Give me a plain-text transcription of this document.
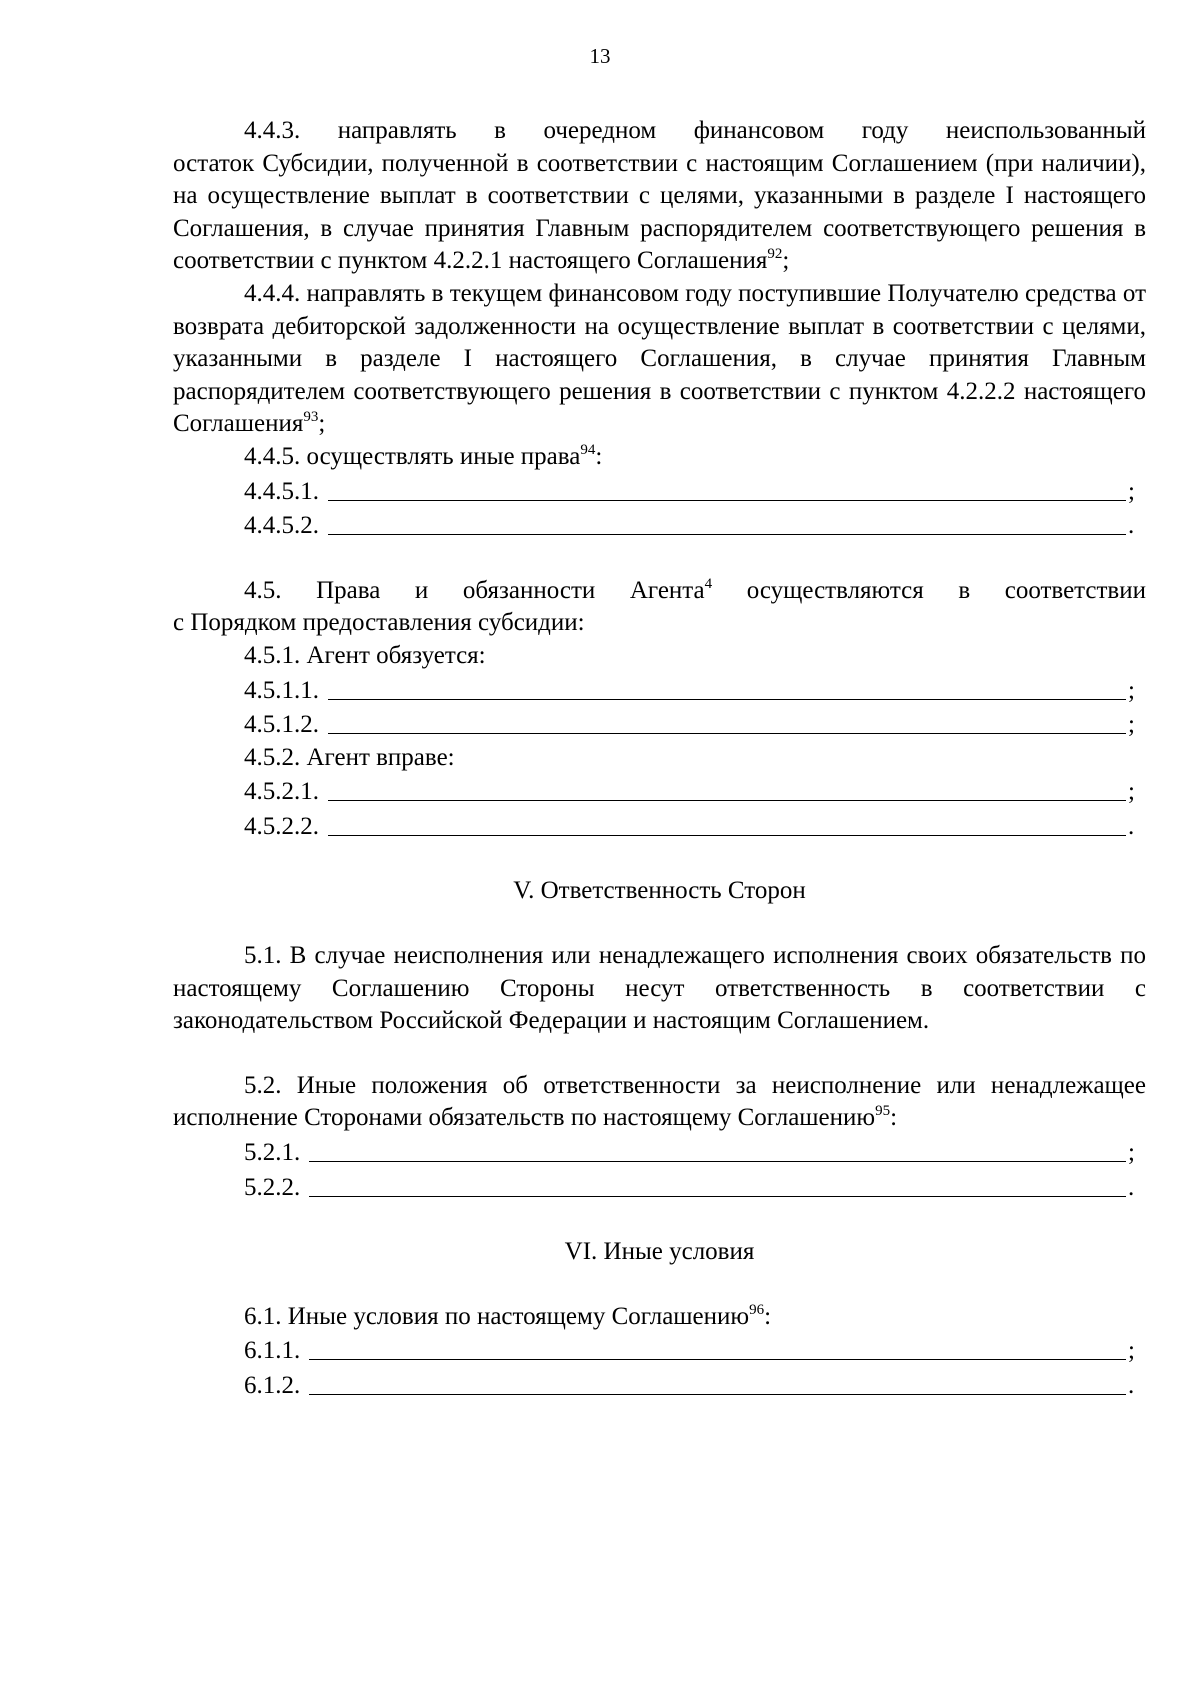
13

4.4.3. направлять в очередном финансовом году неиспользованный

остаток Субсидии, полученной в соответствии с настоящим Соглашением (при наличии), на осуществление выплат в соответствии с целями, указанными в разделе I настоящего Соглашения, в случае принятия Главным распорядителем соответствующего решения в соответствии с пунктом 4.2.2.1 настоящего Соглашения$^{92}$;

4.4.4. направлять в текущем финансовом году поступившие Получателю средства от возврата дебиторской задолженности на осуществление выплат в соответствии с целями, указанными в разделе I настоящего Соглашения, в случае принятия Главным распорядителем соответствующего решения в соответствии с пунктом 4.2.2.2 настоящего Соглашения$^{93}$;

4.4.5. осуществлять иные права$^{94}$:

4.4.5.1.	;
4.4.5.2.	.

4.5. Права и обязанности Агента$^4$ осуществляются в соответствии

с Порядком предоставления субсидии:

4.5.1. Агент обязуется:

4.5.1.1.	;
4.5.1.2.	;

4.5.2. Агент вправе:

4.5.2.1.	;
4.5.2.2.	.

V. Ответственность Сторон

5.1. В случае неисполнения или ненадлежащего исполнения своих обязательств по настоящему Соглашению Стороны несут ответственность в соответствии с законодательством Российской Федерации и настоящим Соглашением.

5.2. Иные положения об ответственности за неисполнение или ненадлежащее исполнение Сторонами обязательств по настоящему Соглашению$^{95}$:

5.2.1.	;
5.2.2.	.

VI. Иные условия

6.1. Иные условия по настоящему Соглашению$^{96}$:

6.1.1.	;
6.1.2.	.
